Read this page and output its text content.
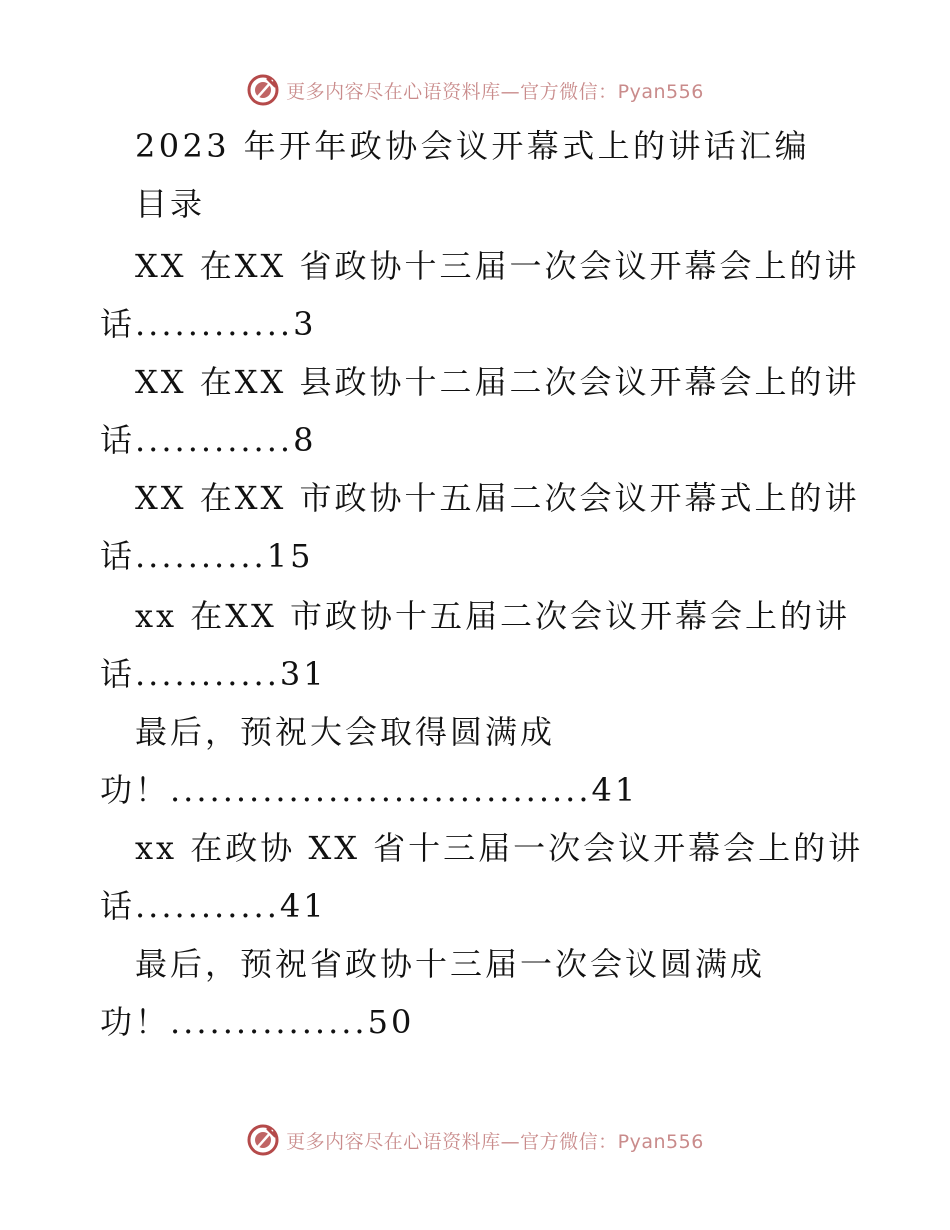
更多内容尽在心语资料库—官方微信：Pyan556
2023 年开年政协会议开幕式上的讲话汇编
目录
XX 在XX 省政协十三届一次会议开幕会上的讲
话............3
XX 在XX 县政协十二届二次会议开幕会上的讲
话............8
XX 在XX 市政协十五届二次会议开幕式上的讲
话..........15
xx 在XX 市政协十五届二次会议开幕会上的讲
话...........31
最后，预祝大会取得圆满成
功！................................41
xx 在政协 XX 省十三届一次会议开幕会上的讲
话...........41
最后，预祝省政协十三届一次会议圆满成
功！...............50
更多内容尽在心语资料库—官方微信：Pyan556
